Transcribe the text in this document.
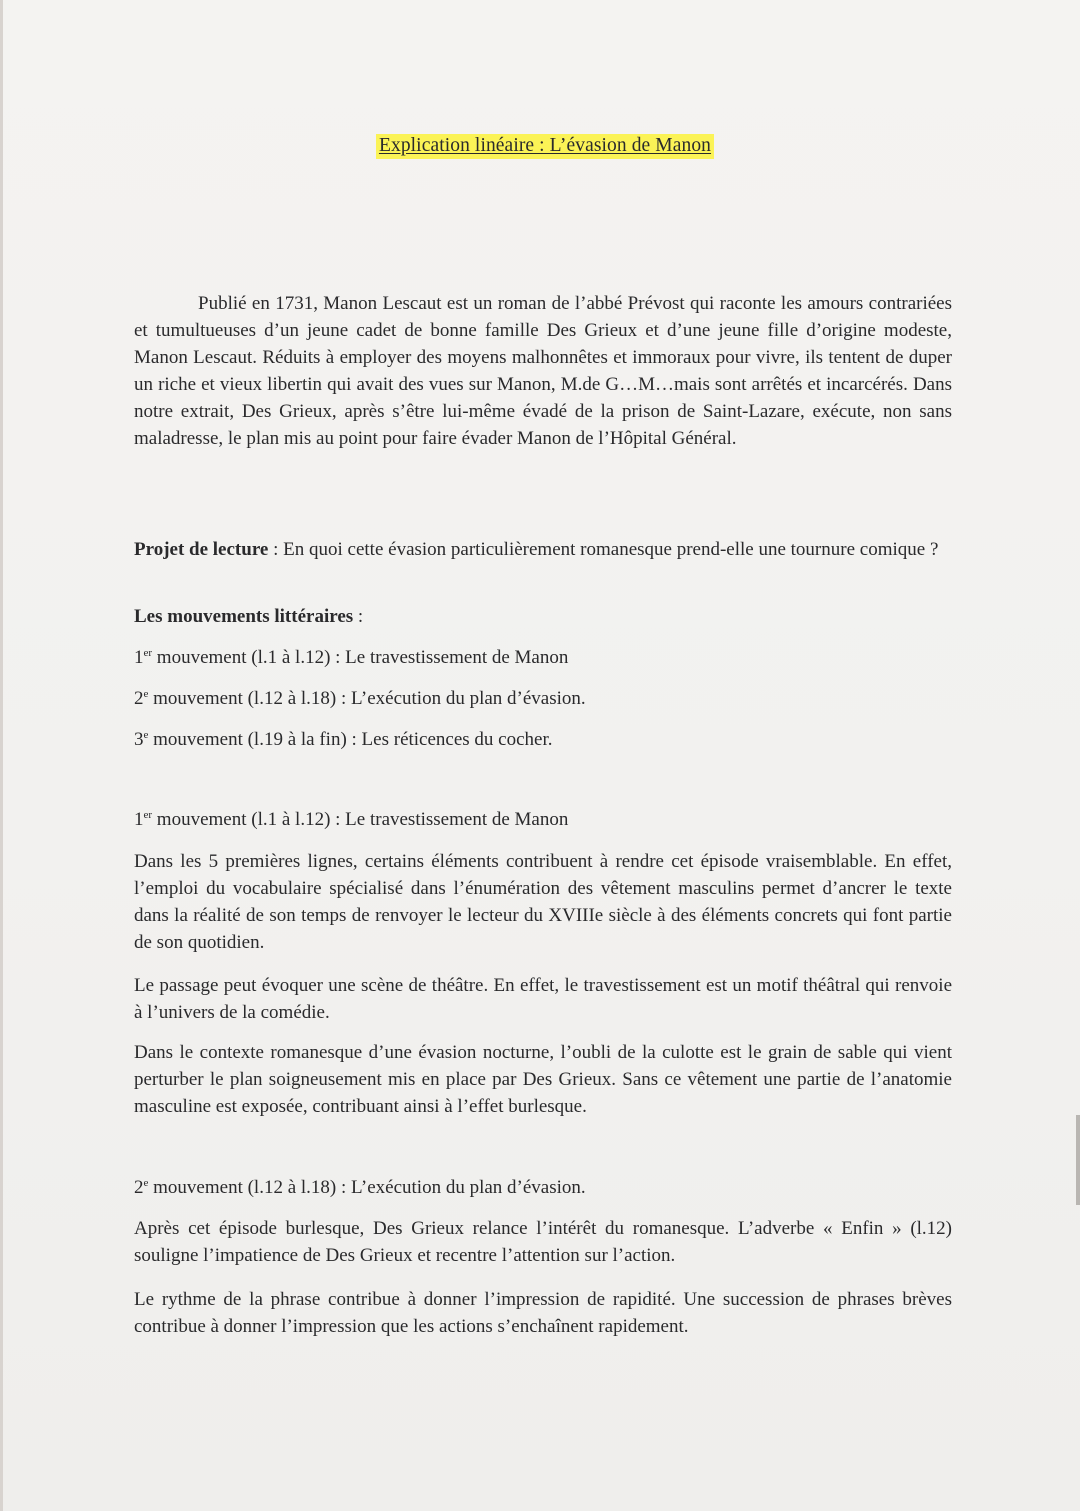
Explication linéaire : L’évasion de Manon

Publié en 1731, Manon Lescaut est un roman de l’abbé Prévost qui raconte les amours contrariées et tumultueuses d’un jeune cadet de bonne famille Des Grieux et d’une jeune fille d’origine modeste, Manon Lescaut. Réduits à employer des moyens malhonnêtes et immoraux pour vivre, ils tentent de duper un riche et vieux libertin qui avait des vues sur Manon, M.de G…M…mais sont arrêtés et incarcérés. Dans notre extrait, Des Grieux, après s’être lui-même évadé de la prison de Saint-Lazare, exécute, non sans maladresse, le plan mis au point pour faire évader Manon de l’Hôpital Général.

Projet de lecture : En quoi cette évasion particulièrement romanesque prend-elle une tournure comique ?

Les mouvements littéraires :
1er mouvement (l.1 à l.12) : Le travestissement de Manon
2e mouvement (l.12 à l.18) : L’exécution du plan d’évasion.
3e mouvement (l.19 à la fin) : Les réticences du cocher.
1er mouvement (l.1 à l.12) : Le travestissement de Manon

Dans les 5 premières lignes, certains éléments contribuent à rendre cet épisode vraisemblable. En effet, l’emploi du vocabulaire spécialisé dans l’énumération des vêtement masculins permet d’ancrer le texte dans la réalité de son temps de renvoyer le lecteur du XVIIIe siècle à des éléments concrets qui font partie de son quotidien.

Le passage peut évoquer une scène de théâtre. En effet, le travestissement est un motif théâtral qui renvoie à l’univers de la comédie.

Dans le contexte romanesque d’une évasion nocturne, l’oubli de la culotte est le grain de sable qui vient perturber le plan soigneusement mis en place par Des Grieux. Sans ce vêtement une partie de l’anatomie masculine est exposée, contribuant ainsi à l’effet burlesque.

2e mouvement (l.12 à l.18) : L’exécution du plan d’évasion.

Après cet épisode burlesque, Des Grieux relance l’intérêt du romanesque. L’adverbe « Enfin » (l.12) souligne l’impatience de Des Grieux et recentre l’attention sur l’action.

Le rythme de la phrase contribue à donner l’impression de rapidité. Une succession de phrases brèves contribue à donner l’impression que les actions s’enchaînent rapidement.
